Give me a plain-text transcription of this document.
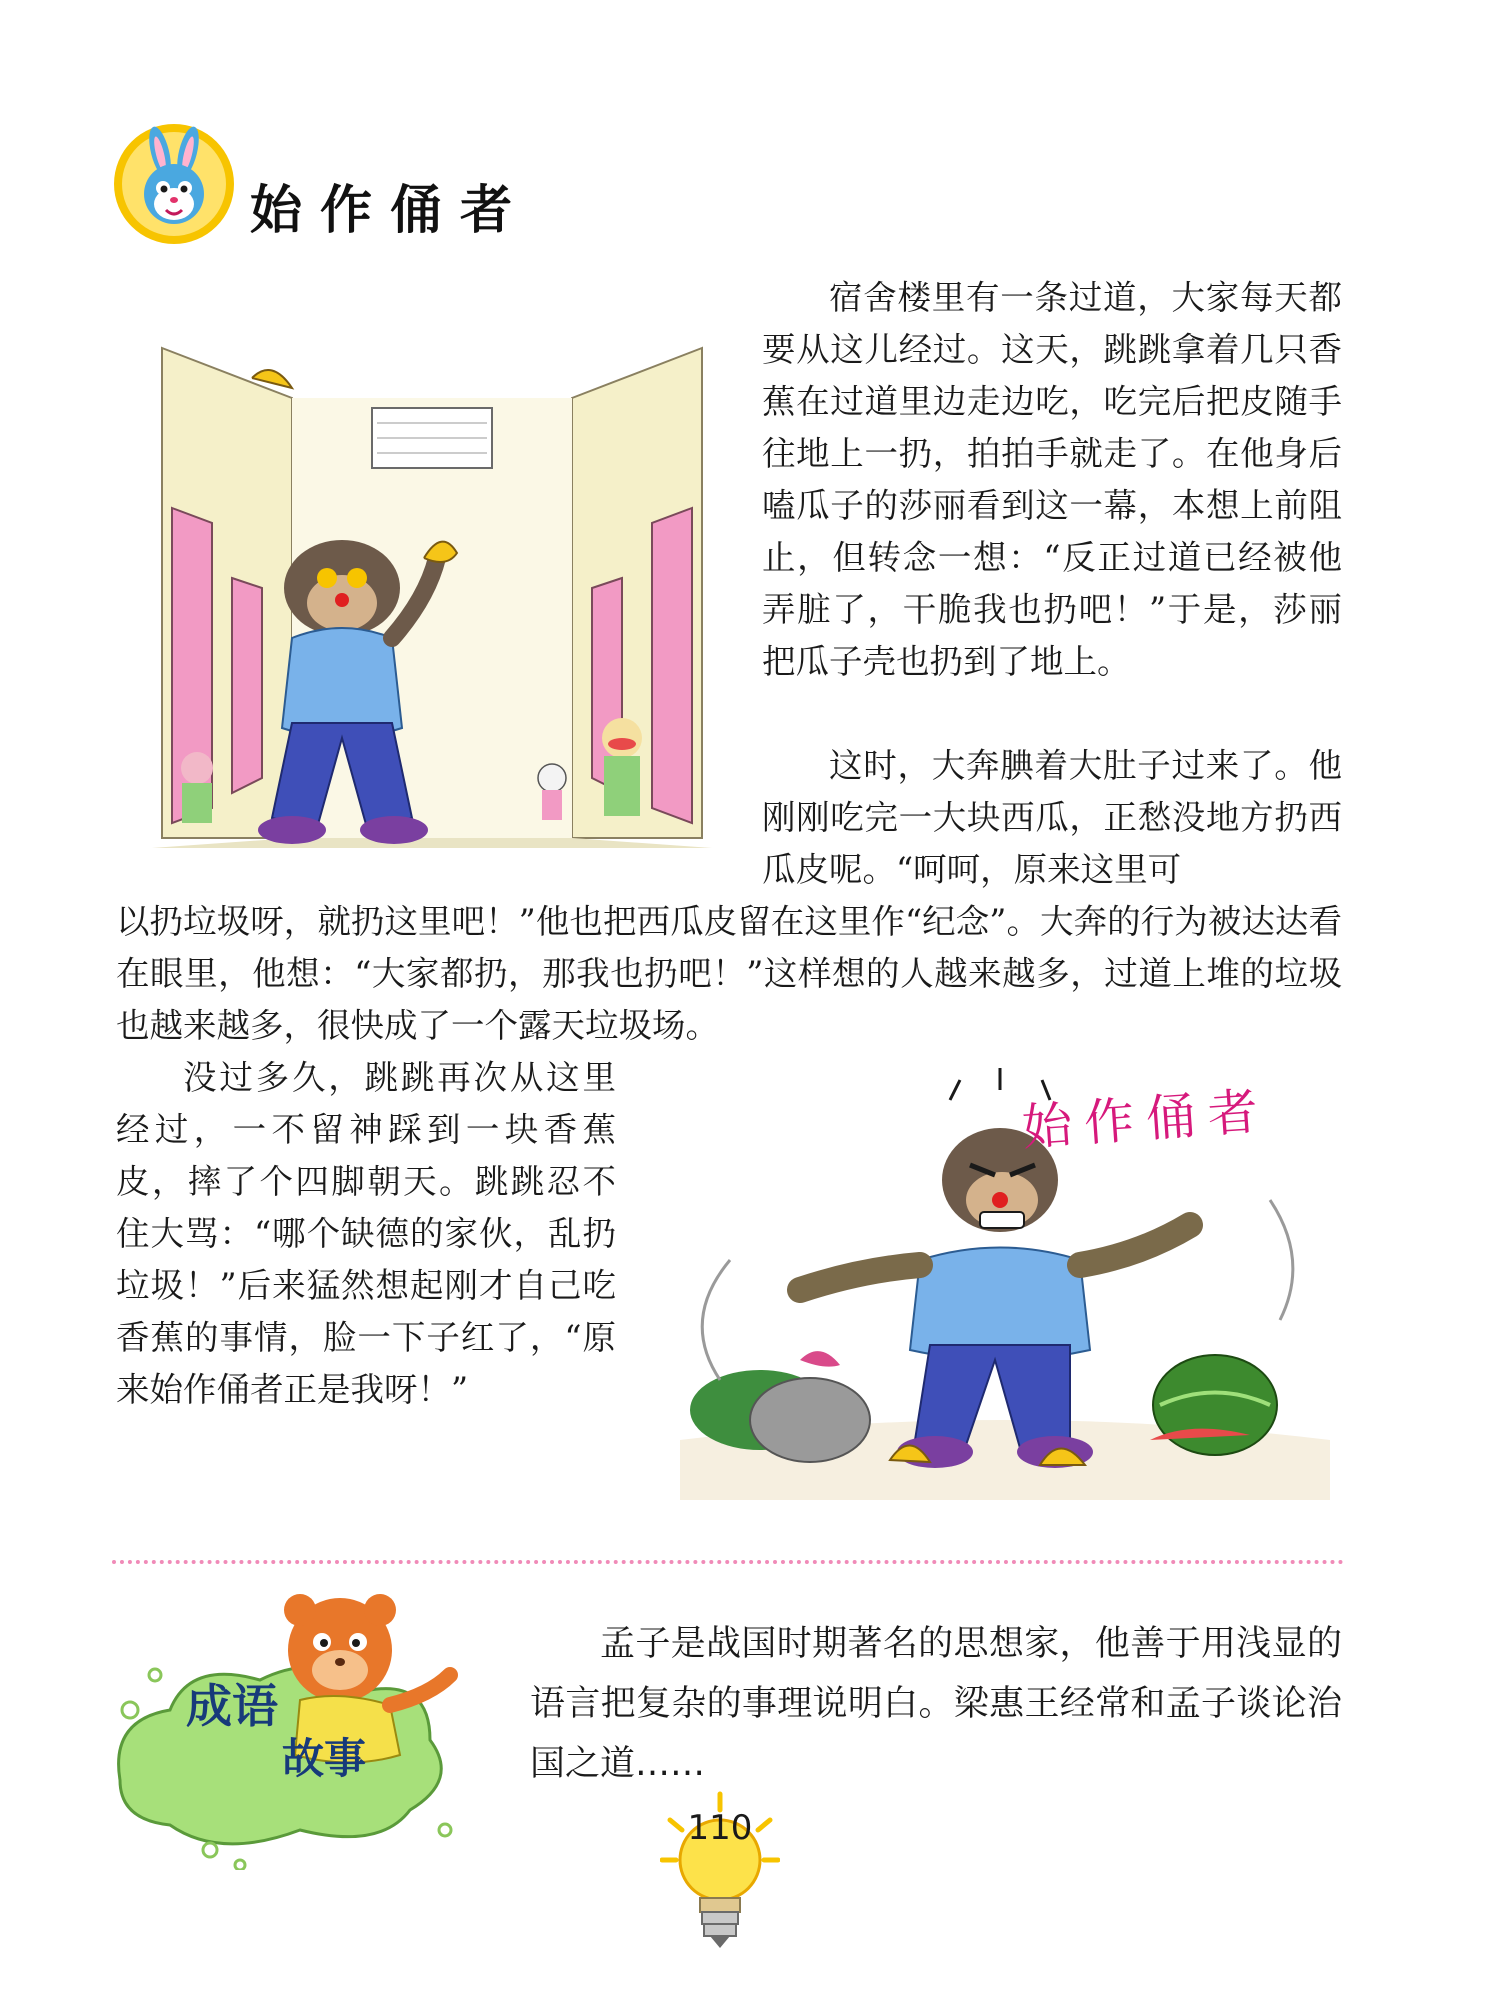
始作俑者
宿舍楼里有一条过道，大家每天都要从这儿经过。这天，跳跳拿着几只香蕉在过道里边走边吃，吃完后把皮随手往地上一扔，拍拍手就走了。在他身后嗑瓜子的莎丽看到这一幕，本想上前阻止，但转念一想：“反正过道已经被他弄脏了，干脆我也扔吧！”于是，莎丽把瓜子壳也扔到了地上。
这时，大奔腆着大肚子过来了。他刚刚吃完一大块西瓜，正愁没地方扔西瓜皮呢。“呵呵，原来这里可
以扔垃圾呀，就扔这里吧！”他也把西瓜皮留在这里作“纪念”。大奔的行为被达达看在眼里，他想：“大家都扔，那我也扔吧！”这样想的人越来越多，过道上堆的垃圾也越来越多，很快成了一个露天垃圾场。
没过多久，跳跳再次从这里经过，一不留神踩到一块香蕉皮，摔了个四脚朝天。跳跳忍不住大骂：“哪个缺德的家伙，乱扔垃圾！”后来猛然想起刚才自己吃香蕉的事情，脸一下子红了，“原来始作俑者正是我呀！”
始作俑者
成语
故事
孟子是战国时期著名的思想家，他善于用浅显的语言把复杂的事理说明白。梁惠王经常和孟子谈论治国之道……
110
